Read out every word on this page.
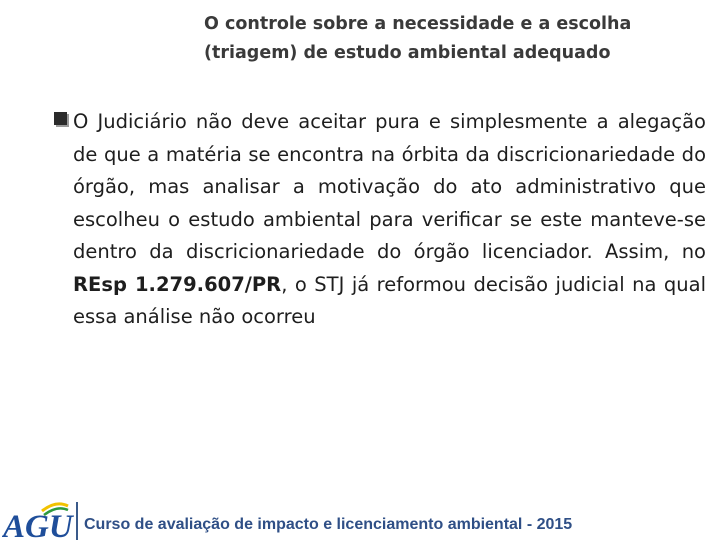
O controle sobre a necessidade e a escolha
(triagem) de estudo ambiental adequado
O Judiciário não deve aceitar pura e simplesmente a alegação de que a matéria se encontra na órbita da discricionariedade do órgão, mas analisar a motivação do ato administrativo que escolheu o estudo ambiental para verificar se este manteve-se dentro da discricionariedade do órgão licenciador. Assim, no REsp 1.279.607/PR, o STJ já reformou decisão judicial na qual essa análise não ocorreu
AGU Curso de avaliação de impacto e licenciamento ambiental - 2015
